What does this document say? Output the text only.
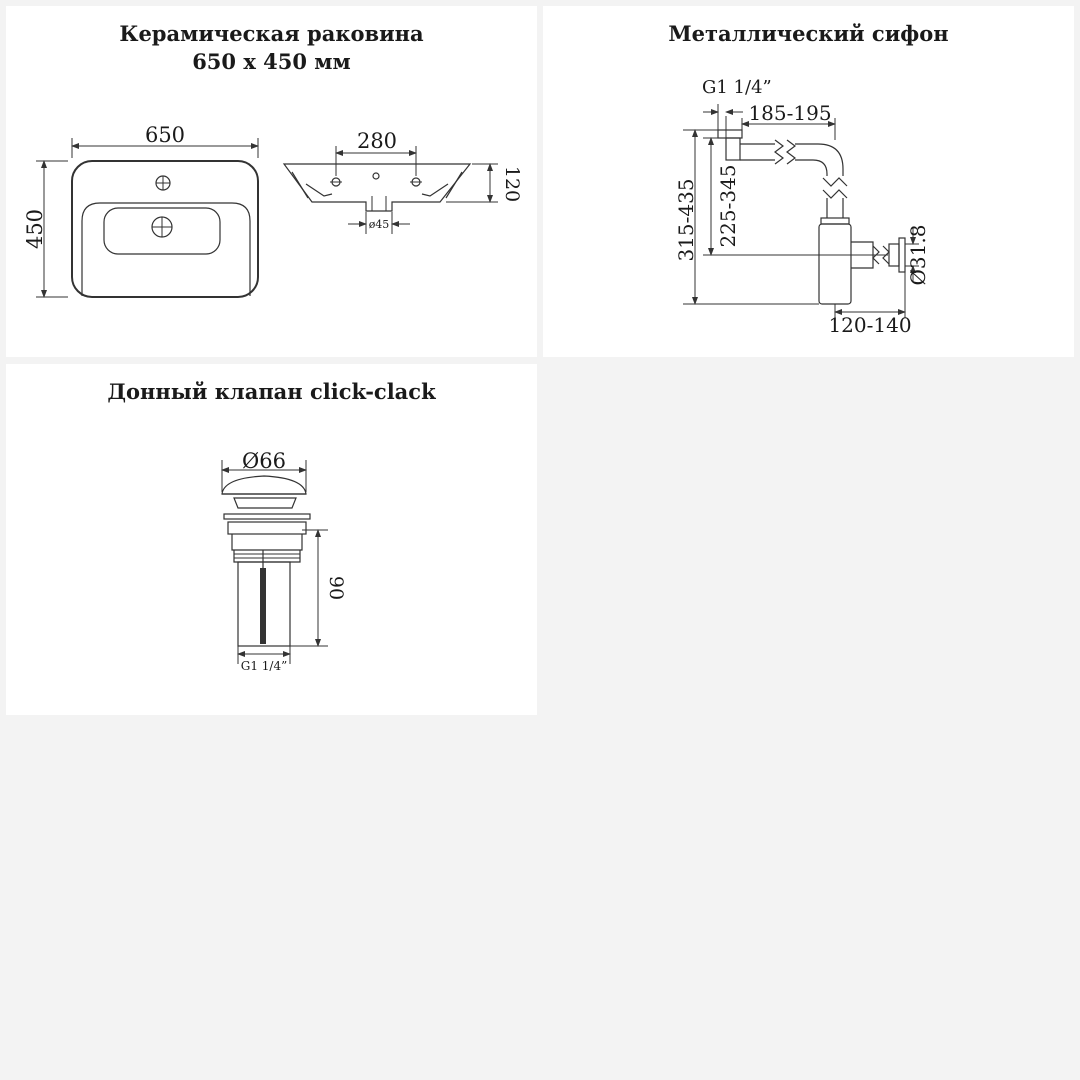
Керамическая раковина
650 x 450 мм
650
450
280
120
ø45
Металлический сифон
G1 1/4”
185-195
315-435 225-345
Ø31.8
120-140
Донный клапан click-clack
Ø66
90
G1 1/4”
